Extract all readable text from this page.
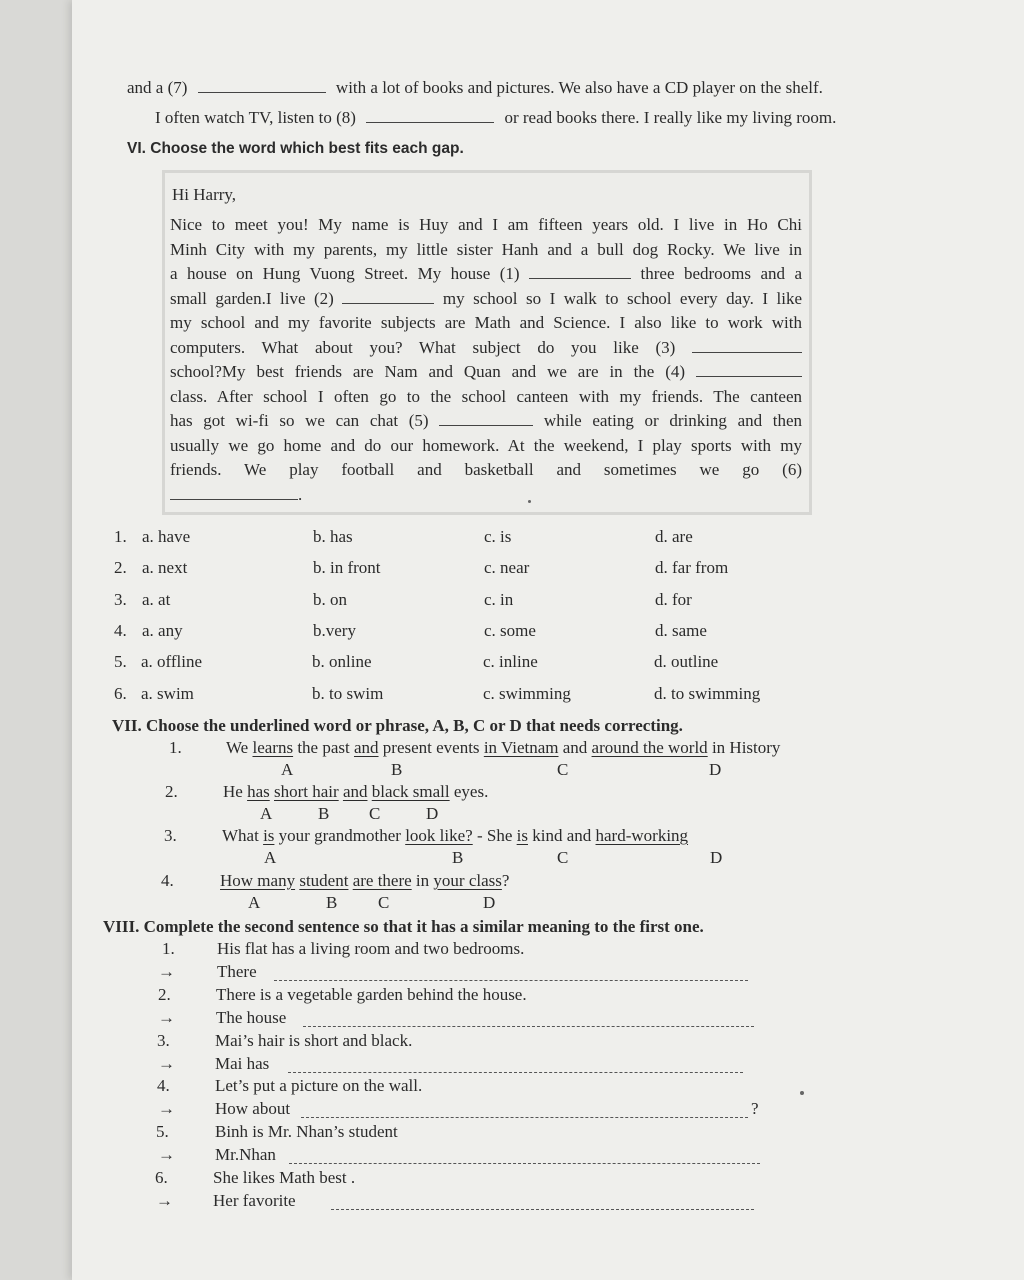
and a (7)	with a lot of books and pictures. We also have a CD player on the shelf.
I often watch TV, listen to (8)	or read books there. I really like my living room.
VI. Choose the word which best fits each gap.
Hi Harry,
Nice to meet you! My name is Huy and I am fifteen years old. I live in Ho Chi
Minh City with my parents, my little sister Hanh and a bull dog Rocky. We live in
a house on Hung Vuong Street. My house (1)	three bedrooms and a
small garden.I live (2)	my school so I walk to school every day. I like
my school and my favorite subjects are Math and Science. I also like to work with
computers. What about you? What subject do you like (3)
school?My best friends are Nam and Quan and we are in the (4)
class. After school I often go to the school canteen with my friends. The canteen
has got wi-fi so we can chat (5)	while eating or drinking and then
usually we go home and do our homework. At the weekend, I play sports with my
friends. We play football and basketball and sometimes we go (6)
.
1. a. have	b. has	c. is	d. are
2. a. next	b. in front	c. near	d. far from
3. a. at	b. on	c. in	d. for
4. a. any	b.very	c. some	d. same
5. a. offline	b. online	c. inline	d. outline
6. a. swim	b. to swim	c. swimming	d. to swimming
VII. Choose the underlined word or phrase, A, B, C or D that needs correcting.
1.	We learns the past and present events in Vietnam and around the world in History
A	B	C	D
2.	He has short hair and black small eyes.
A	B C	D
3.	What is your grandmother look like? - She is kind and hard-working
A	B	C	D
4.	How many student are there in your class?
A	B C	D
VIII. Complete the second sentence so that it has a similar meaning to the first one.
1. His flat has a living room and two bedrooms.
→ There
2.	There is a vegetable garden behind the house.
→ The house
3.	Mai’s hair is short and black.
→ Mai has
4.	Let’s put a picture on the wall.
→ How about	?
5.	Binh is Mr. Nhan’s student
→ Mr.Nhan
6.	She likes Math best .
→ Her favorite
